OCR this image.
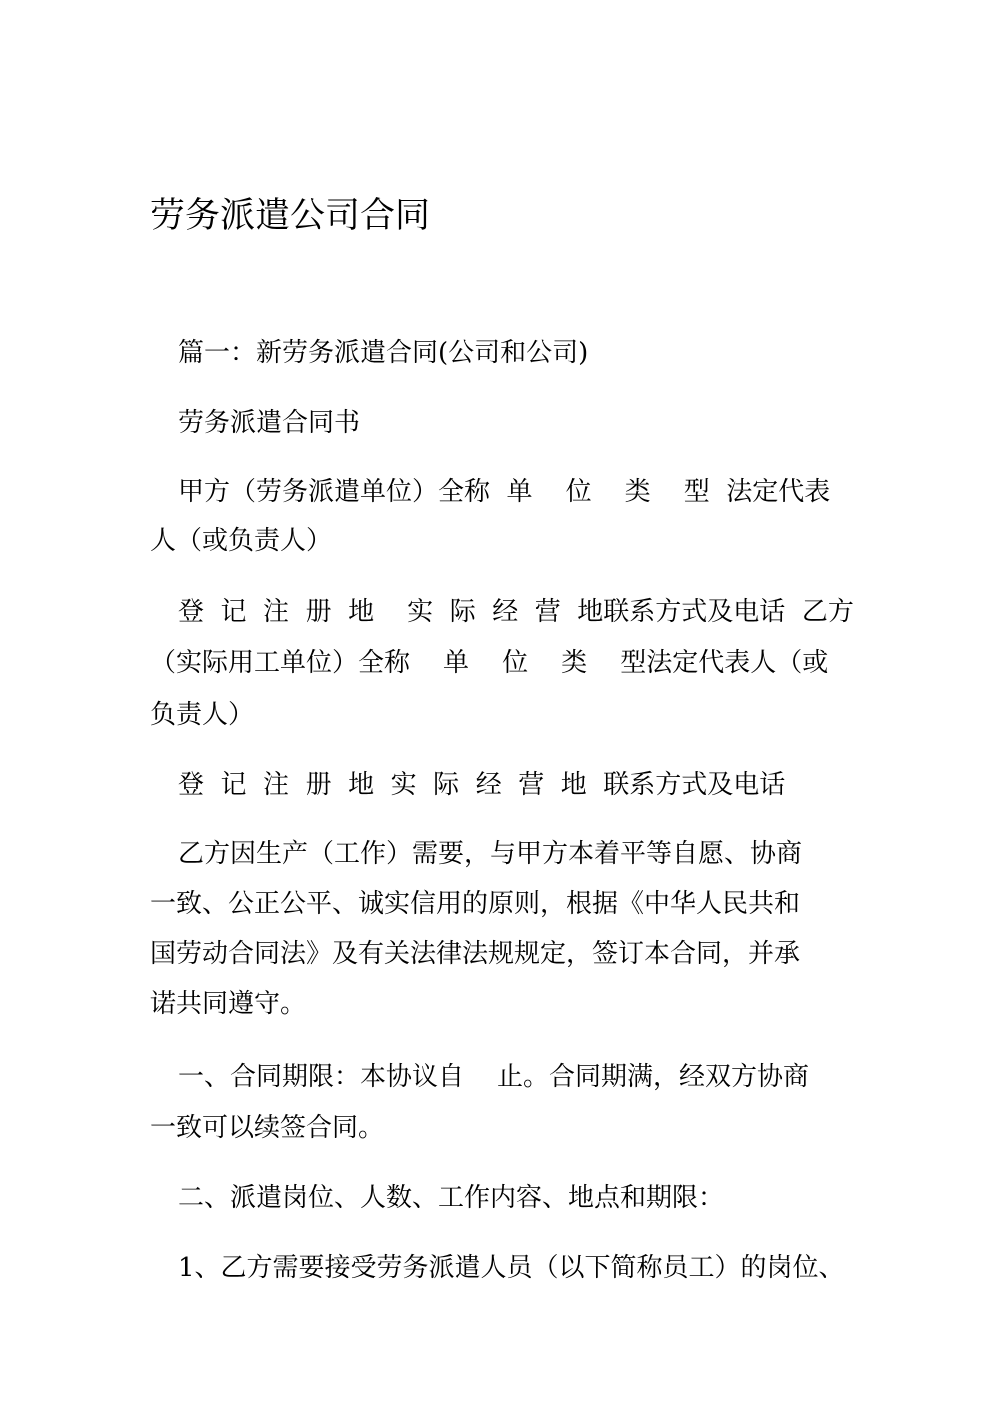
劳务派遣公司合同
篇一：新劳务派遣合同(公司和公司)
劳务派遣合同书
甲方（劳务派遣单位）全称  单    位    类    型  法定代表
人（或负责人）
登  记  注  册  地    实  际  经  营  地联系方式及电话  乙方
（实际用工单位）全称    单    位    类    型法定代表人（或
负责人）
登  记  注  册  地  实  际  经  营  地  联系方式及电话
乙方因生产（工作）需要，与甲方本着平等自愿、协商
一致、公正公平、诚实信用的原则，根据《中华人民共和
国劳动合同法》及有关法律法规规定，签订本合同，并承
诺共同遵守。
一、合同期限：本协议自    止。合同期满，经双方协商
一致可以续签合同。
二、派遣岗位、人数、工作内容、地点和期限：
1、乙方需要接受劳务派遣人员（以下简称员工）的岗位、
